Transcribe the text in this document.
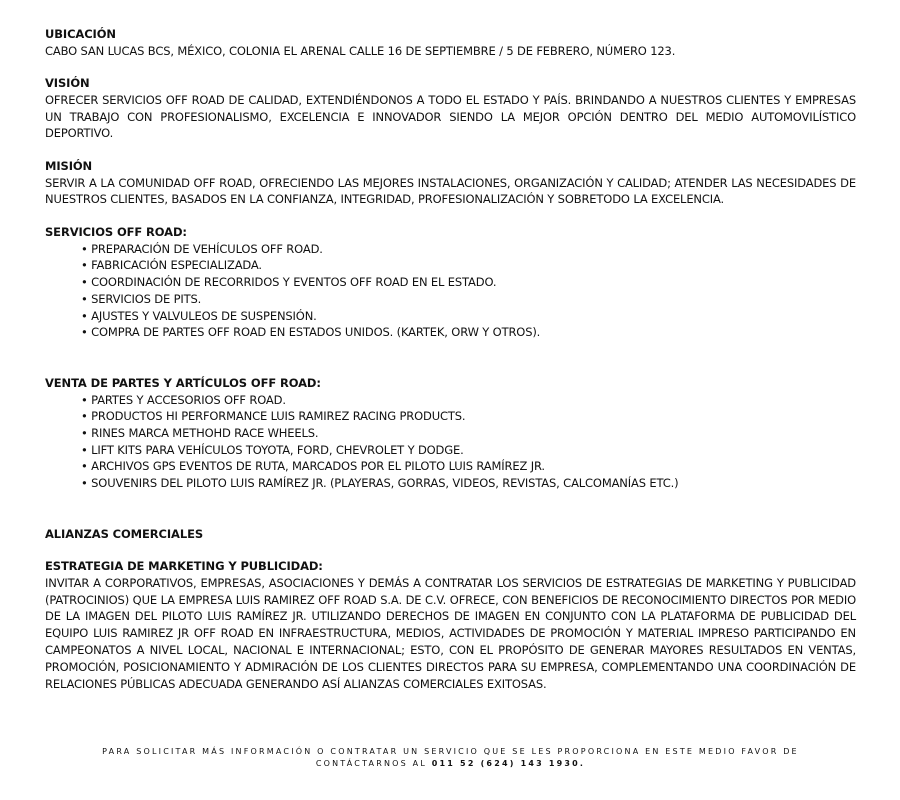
UBICACIÓN
CABO SAN LUCAS BCS, MÉXICO, COLONIA EL ARENAL CALLE 16 DE SEPTIEMBRE / 5 DE FEBRERO, NÚMERO 123.
VISIÓN
OFRECER SERVICIOS OFF ROAD DE CALIDAD, EXTENDIÉNDONOS A TODO EL ESTADO Y PAÍS. BRINDANDO A NUESTROS CLIENTES Y EMPRESAS UN TRABAJO CON PROFESIONALISMO, EXCELENCIA E INNOVADOR SIENDO LA MEJOR OPCIÓN DENTRO DEL MEDIO AUTOMOVILÍSTICO DEPORTIVO.
MISIÓN
SERVIR A LA COMUNIDAD OFF ROAD, OFRECIENDO LAS MEJORES INSTALACIONES, ORGANIZACIÓN Y CALIDAD; ATENDER LAS NECESIDADES DE NUESTROS CLIENTES, BASADOS EN LA CONFIANZA, INTEGRIDAD, PROFESIONALIZACIÓN Y SOBRETODO LA EXCELENCIA.
SERVICIOS OFF ROAD:
• PREPARACIÓN DE VEHÍCULOS OFF ROAD.
• FABRICACIÓN ESPECIALIZADA.
• COORDINACIÓN DE RECORRIDOS Y EVENTOS OFF ROAD EN EL ESTADO.
• SERVICIOS DE PITS.
• AJUSTES Y VALVULEOS DE SUSPENSIÓN.
• COMPRA DE PARTES OFF ROAD EN ESTADOS UNIDOS. (KARTEK, ORW Y OTROS).
VENTA DE PARTES Y ARTÍCULOS OFF ROAD:
• PARTES Y ACCESORIOS OFF ROAD.
• PRODUCTOS HI PERFORMANCE LUIS RAMIREZ RACING PRODUCTS.
• RINES MARCA METHOHD RACE WHEELS.
• LIFT KITS PARA VEHÍCULOS TOYOTA, FORD, CHEVROLET Y DODGE.
• ARCHIVOS GPS EVENTOS DE RUTA, MARCADOS POR EL PILOTO LUIS RAMÍREZ JR.
• SOUVENIRS DEL PILOTO LUIS RAMÍREZ JR. (PLAYERAS, GORRAS, VIDEOS, REVISTAS, CALCOMANÍAS ETC.)
ALIANZAS COMERCIALES
ESTRATEGIA DE MARKETING Y PUBLICIDAD:
INVITAR A CORPORATIVOS, EMPRESAS, ASOCIACIONES Y DEMÁS A CONTRATAR LOS SERVICIOS DE ESTRATEGIAS DE MARKETING Y PUBLICIDAD (PATROCINIOS) QUE LA EMPRESA LUIS RAMIREZ OFF ROAD S.A. DE C.V. OFRECE, CON BENEFICIOS DE RECONOCIMIENTO DIRECTOS POR MEDIO DE LA IMAGEN DEL PILOTO LUIS RAMÍREZ JR. UTILIZANDO DERECHOS DE IMAGEN EN CONJUNTO CON LA PLATAFORMA DE PUBLICIDAD DEL EQUIPO LUIS RAMIREZ JR OFF ROAD EN INFRAESTRUCTURA, MEDIOS, ACTIVIDADES DE PROMOCIÓN Y MATERIAL IMPRESO PARTICIPANDO EN CAMPEONATOS A NIVEL LOCAL, NACIONAL E INTERNACIONAL; ESTO, CON EL PROPÓSITO DE GENERAR MAYORES RESULTADOS EN VENTAS, PROMOCIÓN, POSICIONAMIENTO Y ADMIRACIÓN DE LOS CLIENTES DIRECTOS PARA SU EMPRESA, COMPLEMENTANDO UNA COORDINACIÓN DE RELACIONES PÚBLICAS ADECUADA GENERANDO ASÍ ALIANZAS COMERCIALES EXITOSAS.
PARA SOLICITAR MÁS INFORMACIÓN O CONTRATAR UN SERVICIO QUE SE LES PROPORCIONA EN ESTE MEDIO FAVOR DE
CONTÁCTARNOS AL 011 52 (624) 143 1930.
